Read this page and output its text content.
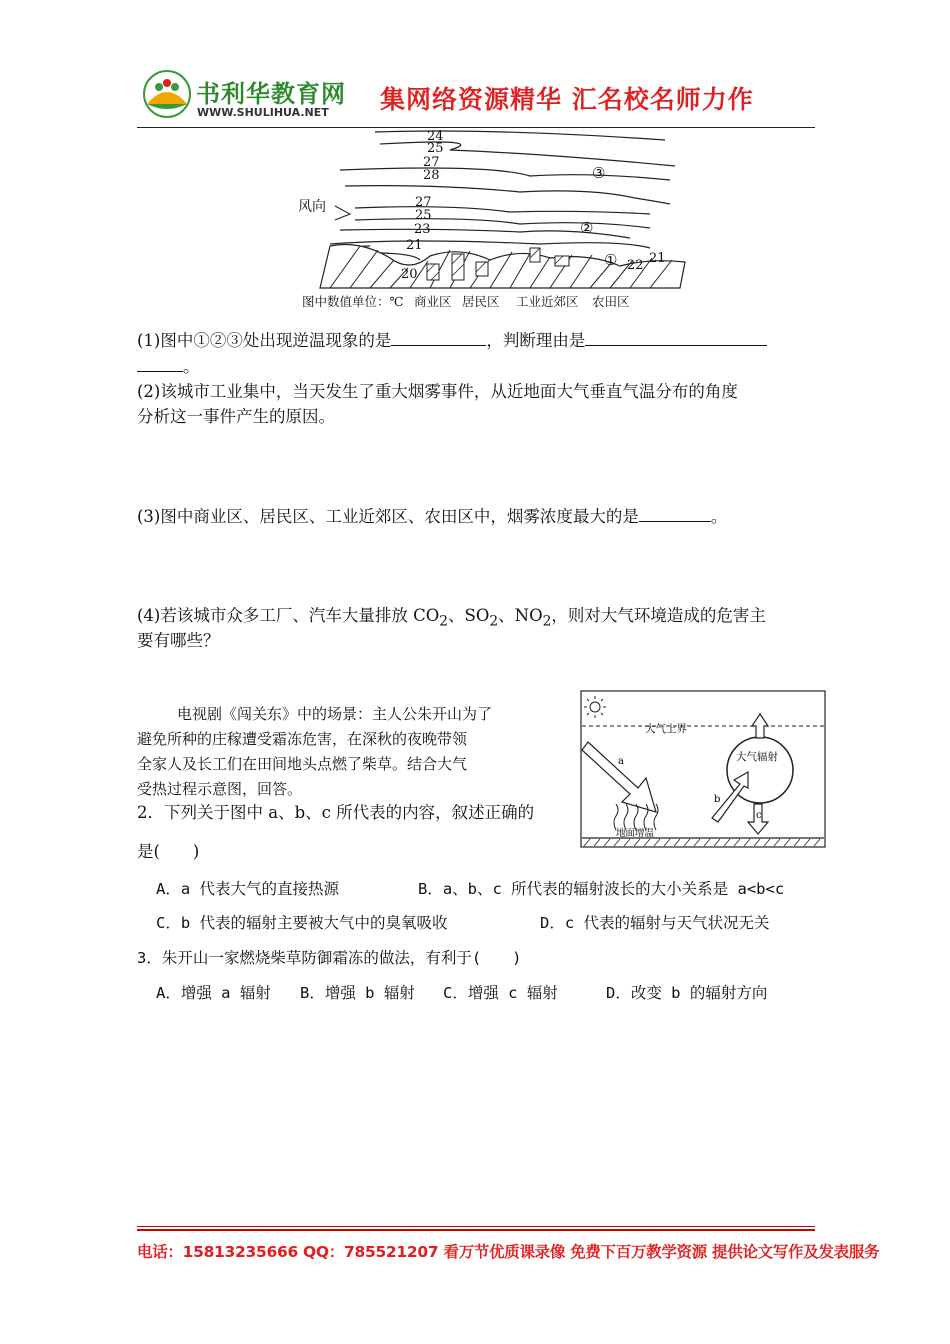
书利华教育网
WWW.SHULIHUA.NET 集网络资源精华 汇名校名师力作
24
25
27
28
27
25
23
21
20
22 21
③
②
①
风向
图中数值单位：℃ 商业区 居民区 工业近郊区 农田区
(1)图中①②③处出现逆温现象的是	，判断理由是
。
(2)该城市工业集中，当天发生了重大烟雾事件，从近地面大气垂直气温分布的角度
分析这一事件产生的原因。
(3)图中商业区、居民区、工业近郊区、农田区中，烟雾浓度最大的是	。
(4)若该城市众多工厂、汽车大量排放 $CO_2$、$SO_2$、$NO_2$，则对大气环境造成的危害主
要有哪些？
电视剧《闯关东》中的场景：主人公朱开山为了
避免所种的庄稼遭受霜冻危害，在深秋的夜晚带领
全家人及长工们在田间地头点燃了柴草。结合大气
受热过程示意图，回答。
大气上界
a
地面增温
大气辐射
c
b
2．下列关于图中 a、b、c 所代表的内容，叙述正确的
是(　　)
A．a 代表大气的直接热源	B．a、b、c 所代表的辐射波长的大小关系是 a<b<c
C．b 代表的辐射主要被大气中的臭氧吸收	D．c 代表的辐射与天气状况无关
3．朱开山一家燃烧柴草防御霜冻的做法，有利于(　　)
A．增强 a 辐射 B．增强 b 辐射 C．增强 c 辐射	D．改变 b 的辐射方向
电话：15813235666 QQ：785521207 看万节优质课录像 免费下百万教学资源 提供论文写作及发表服务
